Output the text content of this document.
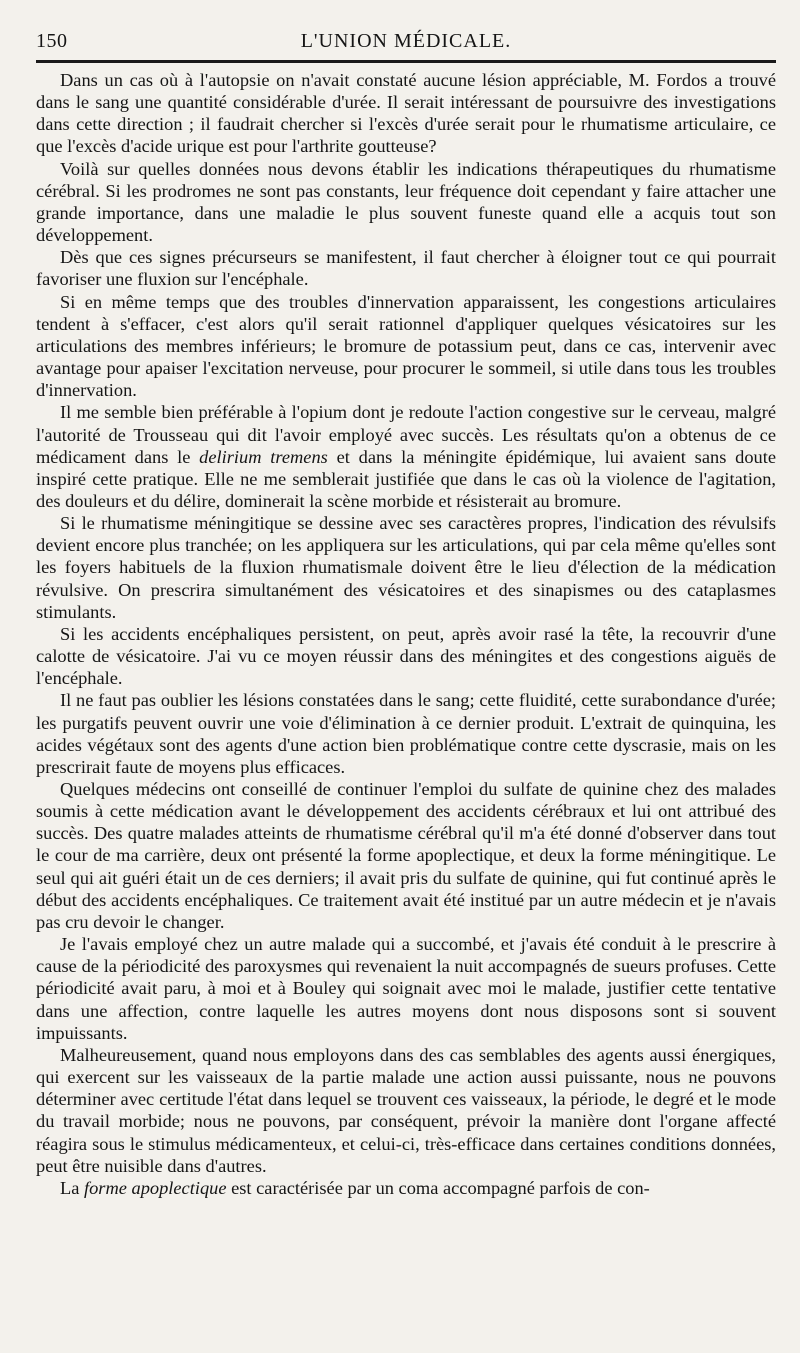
150	L'UNION MÉDICALE.

Dans un cas où à l'autopsie on n'avait constaté aucune lésion appréciable, M. Fordos a trouvé dans le sang une quantité considérable d'urée. Il serait intéressant de poursuivre des investigations dans cette direction ; il faudrait chercher si l'excès d'urée serait pour le rhumatisme articulaire, ce que l'excès d'acide urique est pour l'arthrite goutteuse?

Voilà sur quelles données nous devons établir les indications thérapeutiques du rhumatisme cérébral. Si les prodromes ne sont pas constants, leur fréquence doit cependant y faire attacher une grande importance, dans une maladie le plus souvent funeste quand elle a acquis tout son développement.

Dès que ces signes précurseurs se manifestent, il faut chercher à éloigner tout ce qui pourrait favoriser une fluxion sur l'encéphale.

Si en même temps que des troubles d'innervation apparaissent, les congestions articulaires tendent à s'effacer, c'est alors qu'il serait rationnel d'appliquer quelques vésicatoires sur les articulations des membres inférieurs; le bromure de potassium peut, dans ce cas, intervenir avec avantage pour apaiser l'excitation nerveuse, pour procurer le sommeil, si utile dans tous les troubles d'innervation.

Il me semble bien préférable à l'opium dont je redoute l'action congestive sur le cerveau, malgré l'autorité de Trousseau qui dit l'avoir employé avec succès. Les résultats qu'on a obtenus de ce médicament dans le delirium tremens et dans la méningite épidémique, lui avaient sans doute inspiré cette pratique. Elle ne me semblerait justifiée que dans le cas où la violence de l'agitation, des douleurs et du délire, dominerait la scène morbide et résisterait au bromure.

Si le rhumatisme méningitique se dessine avec ses caractères propres, l'indication des révulsifs devient encore plus tranchée; on les appliquera sur les articulations, qui par cela même qu'elles sont les foyers habituels de la fluxion rhumatismale doivent être le lieu d'élection de la médication révulsive. On prescrira simultanément des vésicatoires et des sinapismes ou des cataplasmes stimulants.

Si les accidents encéphaliques persistent, on peut, après avoir rasé la tête, la recouvrir d'une calotte de vésicatoire. J'ai vu ce moyen réussir dans des méningites et des congestions aiguës de l'encéphale.

Il ne faut pas oublier les lésions constatées dans le sang; cette fluidité, cette surabondance d'urée; les purgatifs peuvent ouvrir une voie d'élimination à ce dernier produit. L'extrait de quinquina, les acides végétaux sont des agents d'une action bien problématique contre cette dyscrasie, mais on les prescrirait faute de moyens plus efficaces.

Quelques médecins ont conseillé de continuer l'emploi du sulfate de quinine chez des malades soumis à cette médication avant le développement des accidents cérébraux et lui ont attribué des succès. Des quatre malades atteints de rhumatisme cérébral qu'il m'a été donné d'observer dans tout le cour de ma carrière, deux ont présenté la forme apoplectique, et deux la forme méningitique. Le seul qui ait guéri était un de ces derniers; il avait pris du sulfate de quinine, qui fut continué après le début des accidents encéphaliques. Ce traitement avait été institué par un autre médecin et je n'avais pas cru devoir le changer.

Je l'avais employé chez un autre malade qui a succombé, et j'avais été conduit à le prescrire à cause de la périodicité des paroxysmes qui revenaient la nuit accompagnés de sueurs profuses. Cette périodicité avait paru, à moi et à Bouley qui soignait avec moi le malade, justifier cette tentative dans une affection, contre laquelle les autres moyens dont nous disposons sont si souvent impuissants.

Malheureusement, quand nous employons dans des cas semblables des agents aussi énergiques, qui exercent sur les vaisseaux de la partie malade une action aussi puissante, nous ne pouvons déterminer avec certitude l'état dans lequel se trouvent ces vaisseaux, la période, le degré et le mode du travail morbide; nous ne pouvons, par conséquent, prévoir la manière dont l'organe affecté réagira sous le stimulus médicamenteux, et celui-ci, très-efficace dans certaines conditions données, peut être nuisible dans d'autres.

La forme apoplectique est caractérisée par un coma accompagné parfois de con-
